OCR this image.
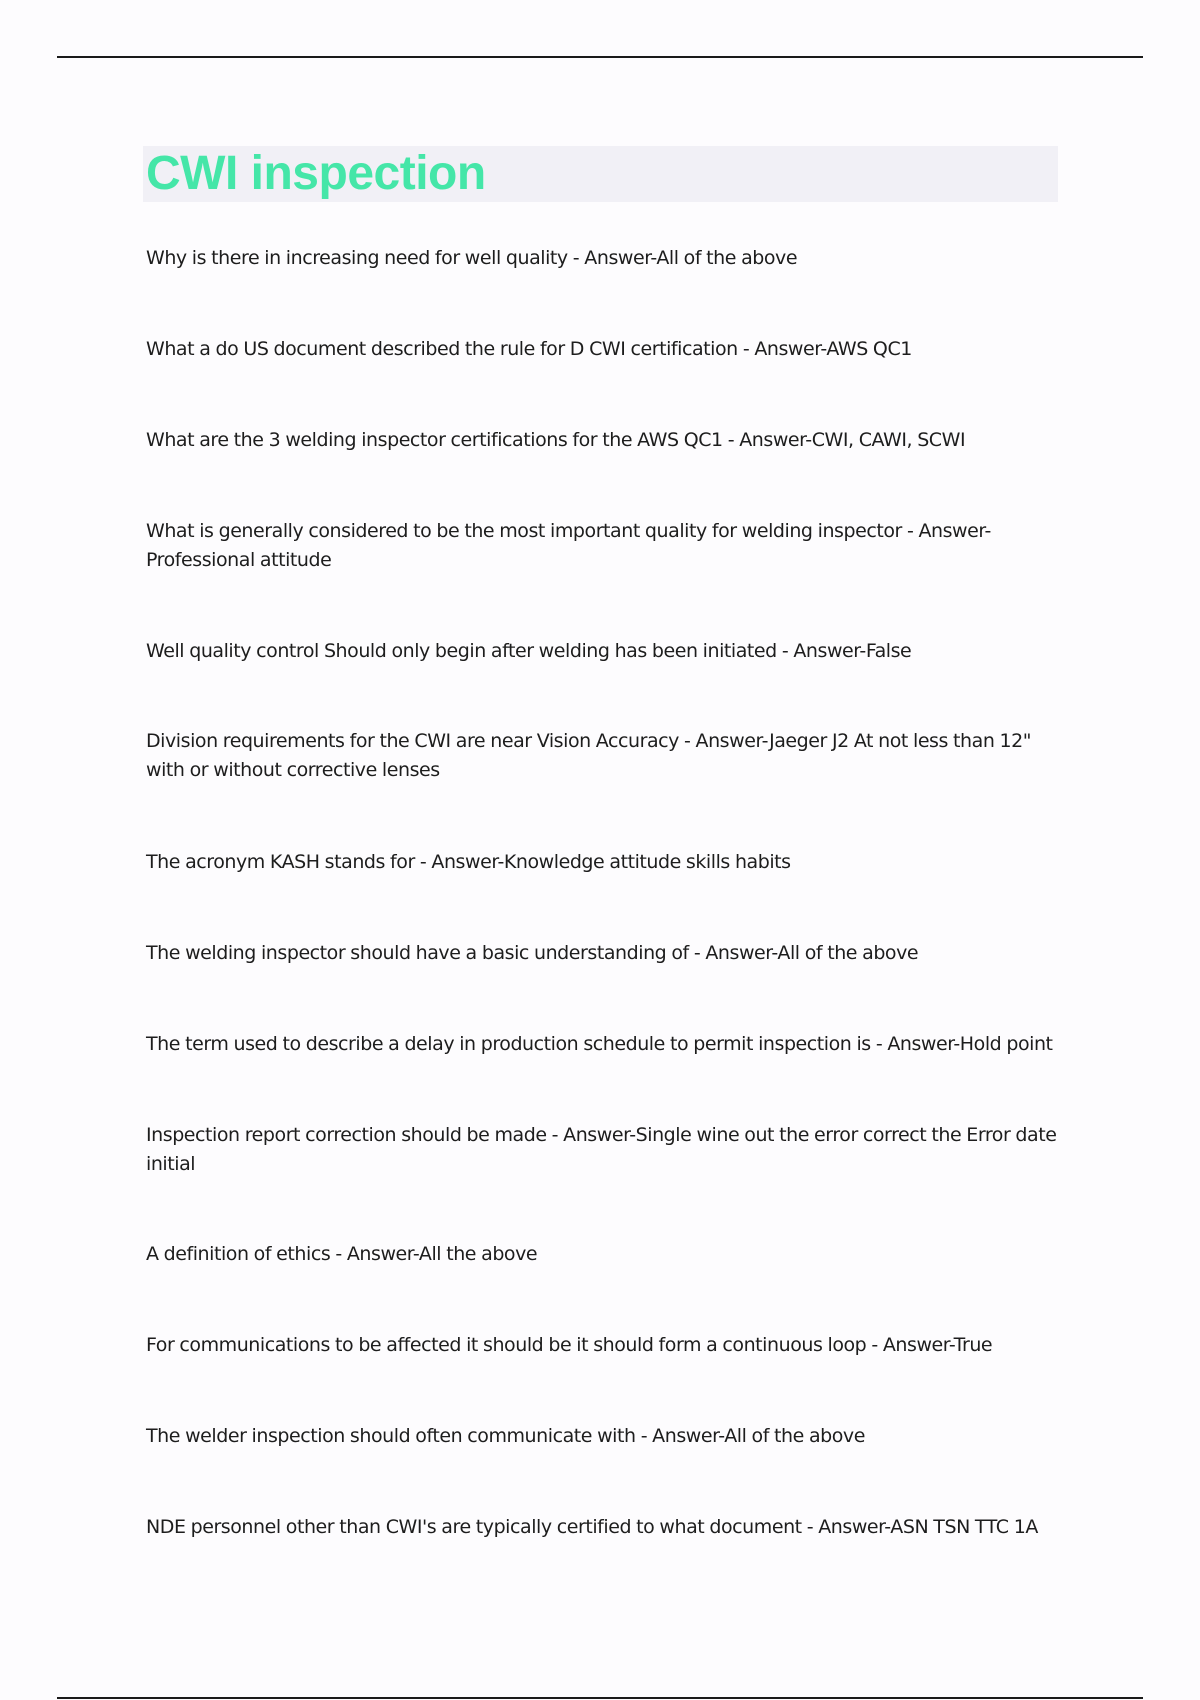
CWI inspection
Why is there in increasing need for well quality - Answer-All of the above
What a do US document described the rule for D CWI certification - Answer-AWS QC1
What are the 3 welding inspector certifications for the AWS QC1 - Answer-CWI, CAWI, SCWI
What is generally considered to be the most important quality for welding inspector - Answer-Professional attitude
Well quality control Should only begin after welding has been initiated - Answer-False
Division requirements for the CWI are near Vision Accuracy - Answer-Jaeger J2 At not less than 12" with or without corrective lenses
The acronym KASH stands for - Answer-Knowledge attitude skills habits
The welding inspector should have a basic understanding of - Answer-All of the above
The term used to describe a delay in production schedule to permit inspection is - Answer-Hold point
Inspection report correction should be made - Answer-Single wine out the error correct the Error date initial
A definition of ethics - Answer-All the above
For communications to be affected it should be it should form a continuous loop - Answer-True
The welder inspection should often communicate with - Answer-All of the above
NDE personnel other than CWI's are typically certified to what document - Answer-ASN TSN TTC 1A
